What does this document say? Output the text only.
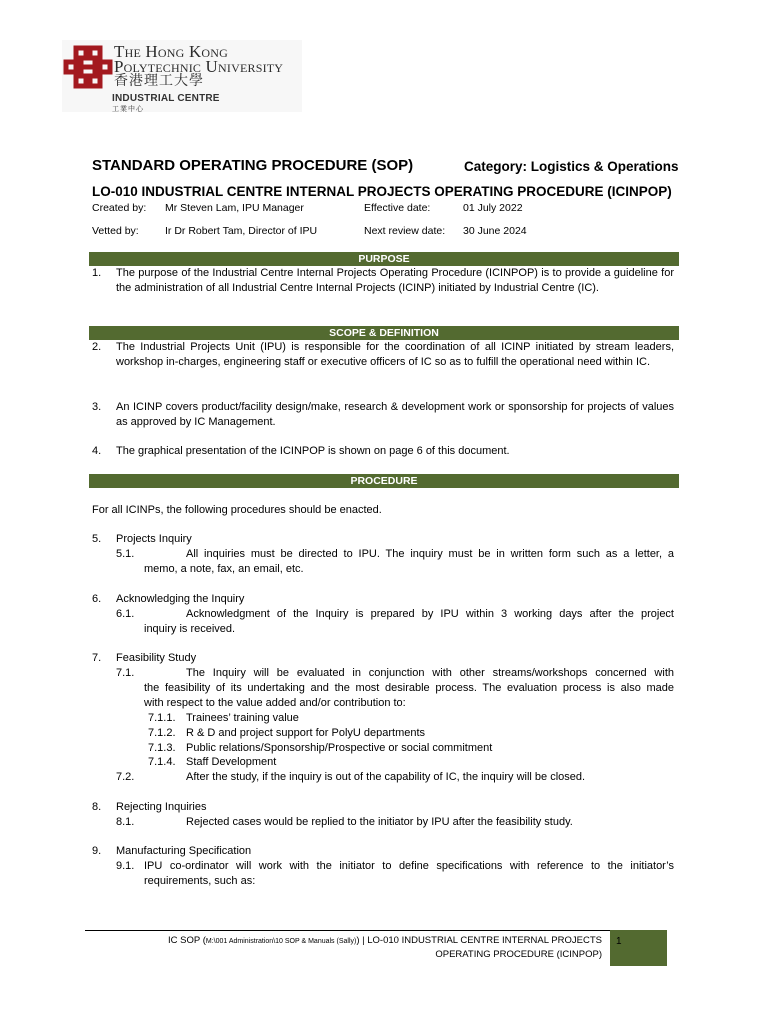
The Hong Kong
Polytechnic University
香港理工大學
INDUSTRIAL CENTRE
工業中心
STANDARD OPERATING PROCEDURE (SOP)	Category: Logistics & Operations
LO-010 INDUSTRIAL CENTRE INTERNAL PROJECTS OPERATING PROCEDURE (ICINPOP)
Created by: Mr Steven Lam, IPU Manager	Effective date:	01 July 2022
Vetted by:	Ir Dr Robert Tam, Director of IPU	Next review date: 30 June 2024
PURPOSE
1. The purpose of the Industrial Centre Internal Projects Operating Procedure (ICINPOP) is to provide a guideline for the administration of all Industrial Centre Internal Projects (ICINP) initiated by Industrial Centre (IC).
SCOPE & DEFINITION
2. The Industrial Projects Unit (IPU) is responsible for the coordination of all ICINP initiated by stream leaders, workshop in-charges, engineering staff or executive officers of IC so as to fulfill the operational need within IC.
3. An ICINP covers product/facility design/make, research & development work or sponsorship for projects of values as approved by IC Management.
4. The graphical presentation of the ICINPOP is shown on page 6 of this document.
PROCEDURE
For all ICINPs, the following procedures should be enacted.
5. Projects Inquiry
5.1.	All inquiries must be directed to IPU. The inquiry must be in written form such as a letter, a
memo, a note, fax, an email, etc.
6. Acknowledging the Inquiry
6.1.	Acknowledgment of the Inquiry is prepared by IPU within 3 working days after the project
inquiry is received.
7. Feasibility Study
7.1.	The Inquiry will be evaluated in conjunction with other streams/workshops concerned with
the feasibility of its undertaking and the most desirable process. The evaluation process is also made
with respect to the value added and/or contribution to:
7.1.1. Trainees’ training value
7.1.2. R & D and project support for PolyU departments
7.1.3. Public relations/Sponsorship/Prospective or social commitment
7.1.4. Staff Development
7.2.	After the study, if the inquiry is out of the capability of IC, the inquiry will be closed.
8. Rejecting Inquiries
8.1.	Rejected cases would be replied to the initiator by IPU after the feasibility study.
9. Manufacturing Specification
9.1. IPU co-ordinator will work with the initiator to define specifications with reference to the initiator’s
requirements, such as:
IC SOP (M:\001 Administration\10 SOP & Manuals (Sally)) | LO-010 INDUSTRIAL CENTRE INTERNAL PROJECTS
OPERATING PROCEDURE (ICINPOP)
1
